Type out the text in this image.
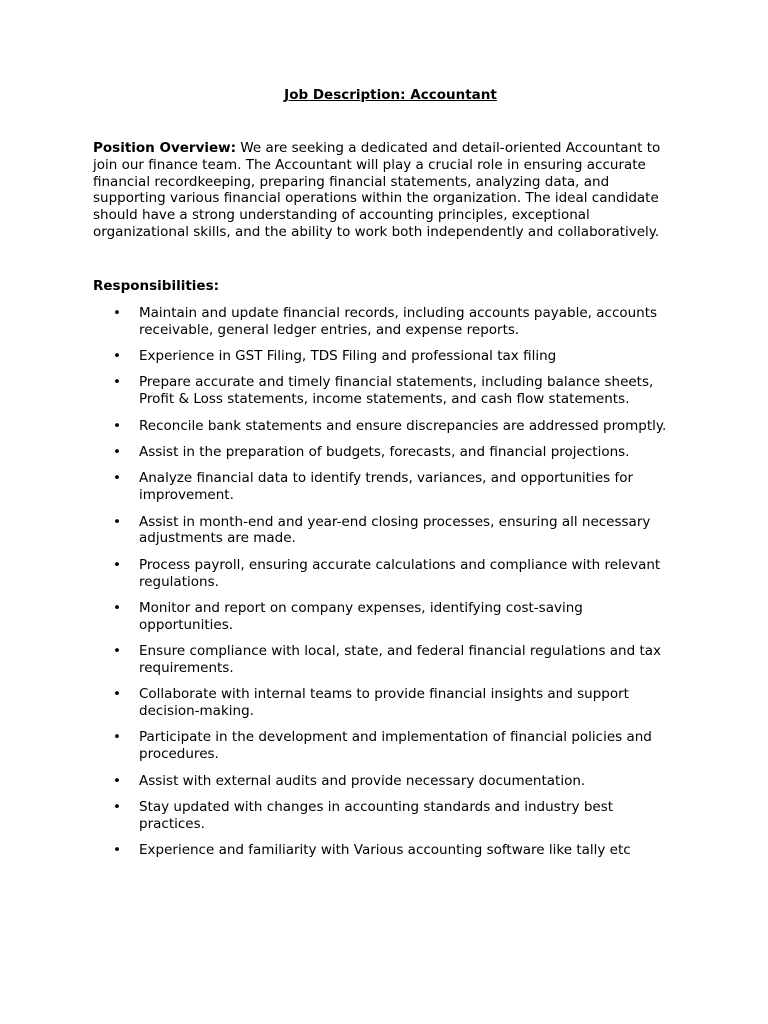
Job Description: Accountant

Position Overview: We are seeking a dedicated and detail-oriented Accountant to join our finance team. The Accountant will play a crucial role in ensuring accurate financial recordkeeping, preparing financial statements, analyzing data, and supporting various financial operations within the organization. The ideal candidate should have a strong understanding of accounting principles, exceptional organizational skills, and the ability to work both independently and collaboratively.

Responsibilities:
• Maintain and update financial records, including accounts payable, accounts receivable, general ledger entries, and expense reports.
• Experience in GST Filing, TDS Filing and professional tax filing
• Prepare accurate and timely financial statements, including balance sheets, Profit & Loss statements, income statements, and cash flow statements.
• Reconcile bank statements and ensure discrepancies are addressed promptly.
• Assist in the preparation of budgets, forecasts, and financial projections.
• Analyze financial data to identify trends, variances, and opportunities for improvement.
• Assist in month-end and year-end closing processes, ensuring all necessary adjustments are made.
• Process payroll, ensuring accurate calculations and compliance with relevant regulations.
• Monitor and report on company expenses, identifying cost-saving opportunities.
• Ensure compliance with local, state, and federal financial regulations and tax requirements.
• Collaborate with internal teams to provide financial insights and support decision-making.
• Participate in the development and implementation of financial policies and procedures.
• Assist with external audits and provide necessary documentation.
• Stay updated with changes in accounting standards and industry best practices.
• Experience and familiarity with Various accounting software like tally etc
